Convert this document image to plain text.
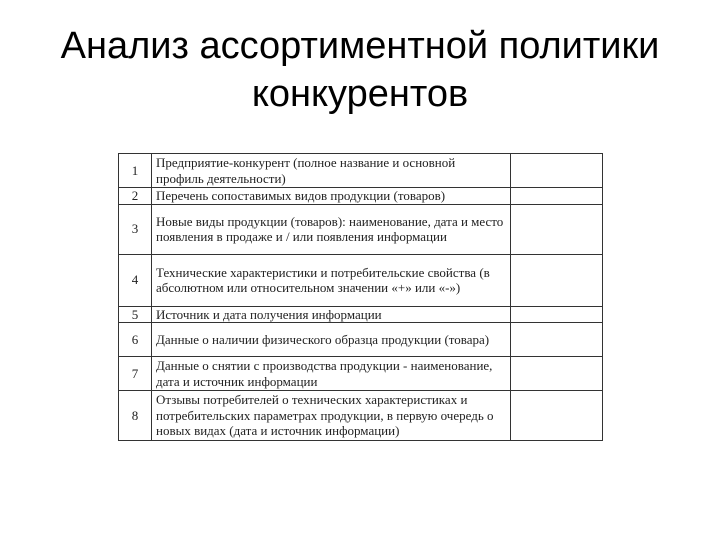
Анализ ассортиментной политики
конкурентов
1	Предприятие-конкурент (полное название и основной профиль деятельности)	
2	Перечень сопоставимых видов продукции (товаров)	
3	Новые виды продукции (товаров): наименование, дата и место появления в продаже и / или появления информации	
4	Технические характеристики и потребительские свойства (в абсолютном или относительном значении «+» или «-»)	
5	Источник и дата получения информации	
6	Данные о наличии физического образца продукции (товара)	
7	Данные о снятии с производства продукции - наименование, дата и источник информации	
8	Отзывы потребителей о технических характеристиках и потребительских параметрах продукции, в первую очередь о новых видах (дата и источник информации)	
